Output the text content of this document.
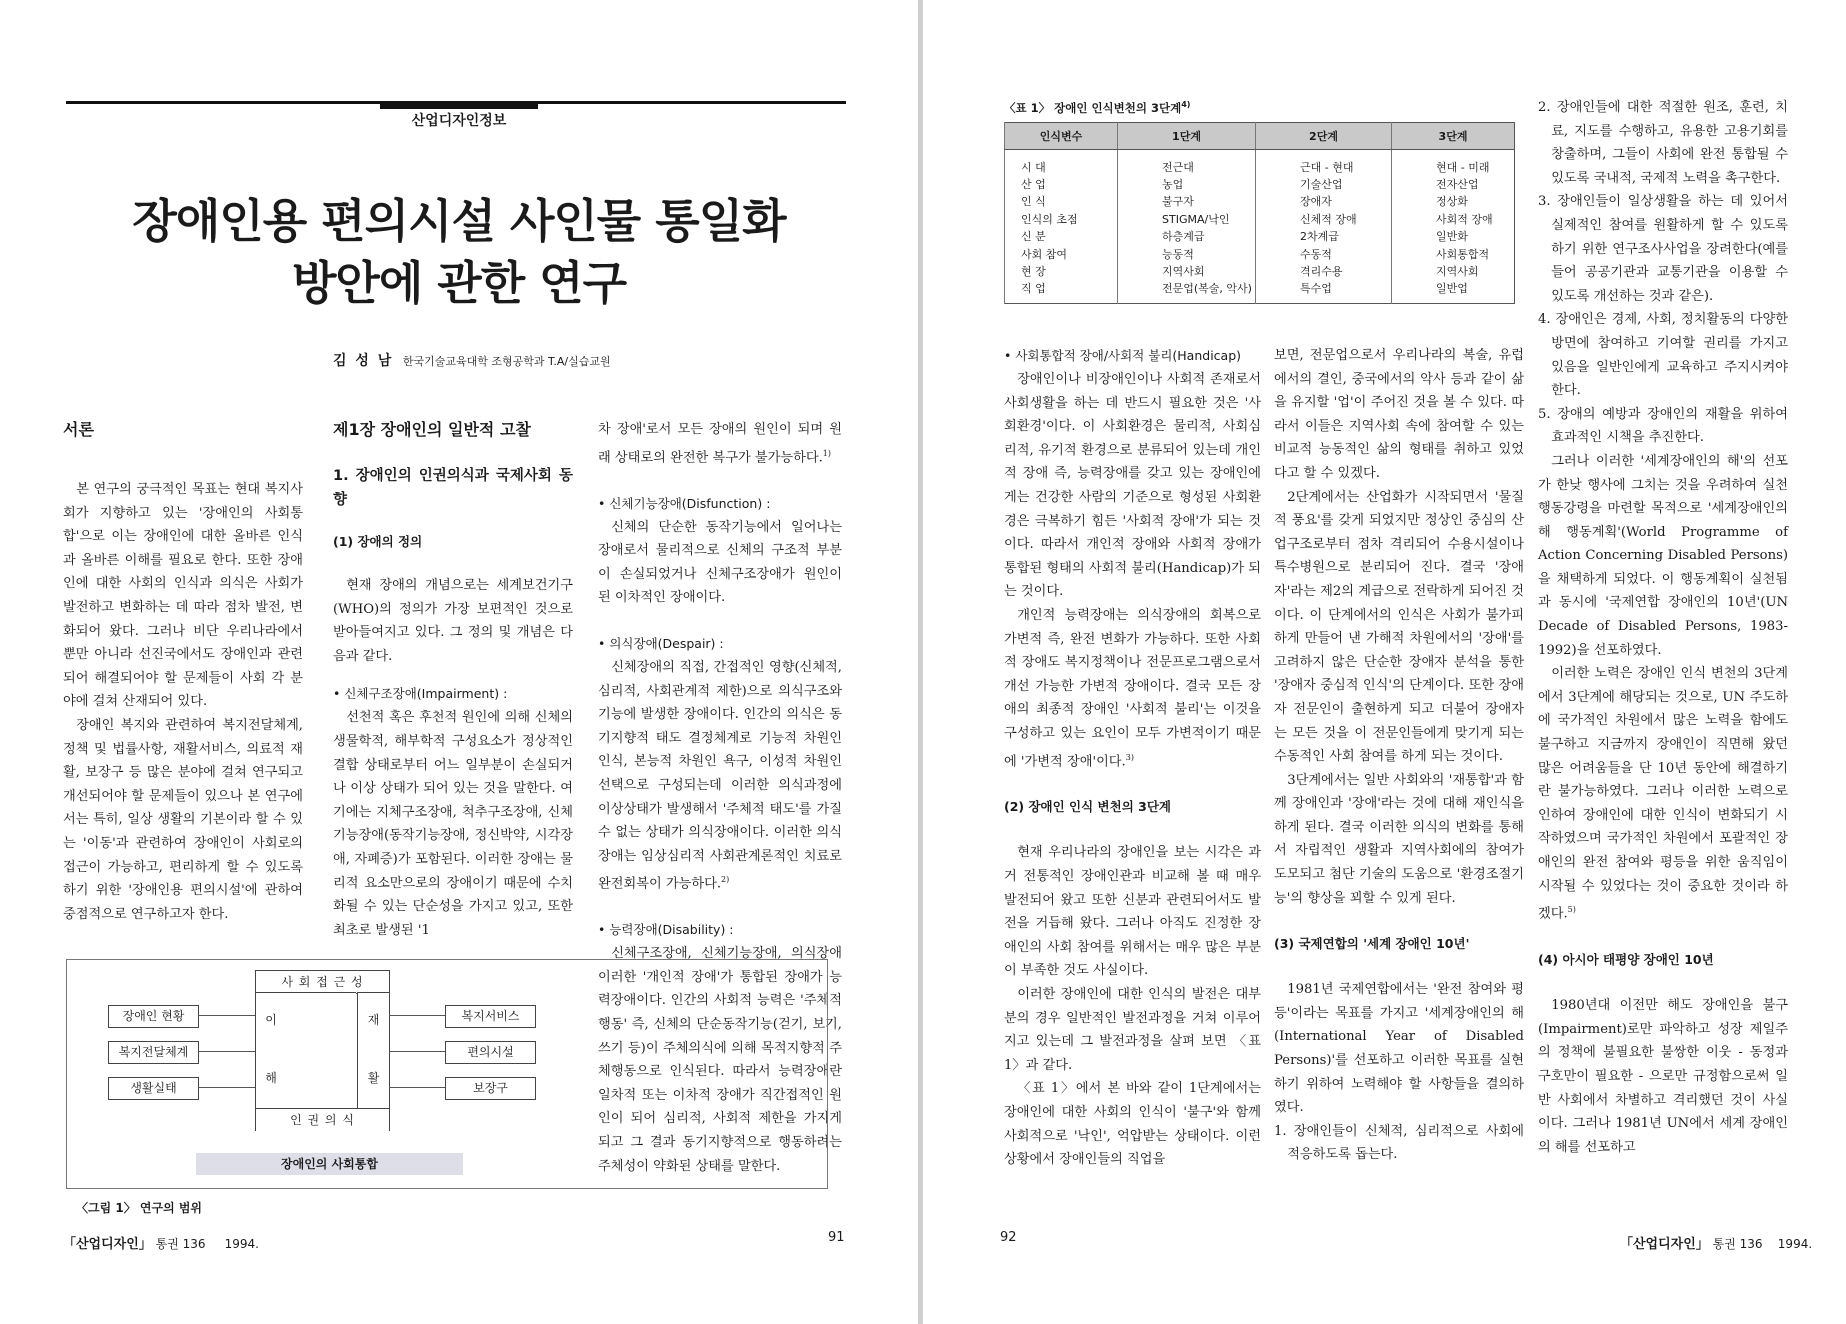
산업디자인정보
장애인용 편의시설 사인물 통일화
방안에 관한 연구
김 성 남 한국기술교육대학 조형공학과 T.A/실습교원
서론

본 연구의 궁극적인 목표는 현대 복지사회가 지향하고 있는 '장애인의 사회통합'으로 이는 장애인에 대한 올바른 인식과 올바른 이해를 필요로 한다. 또한 장애인에 대한 사회의 인식과 의식은 사회가 발전하고 변화하는 데 따라 점차 발전, 변화되어 왔다. 그러나 비단 우리나라에서 뿐만 아니라 선진국에서도 장애인과 관련되어 해결되어야 할 문제들이 사회 각 분야에 걸쳐 산재되어 있다.

장애인 복지와 관련하여 복지전달체계, 정책 및 법률사항, 재활서비스, 의료적 재활, 보장구 등 많은 분야에 걸쳐 연구되고 개선되어야 할 문제들이 있으나 본 연구에서는 특히, 일상 생활의 기본이라 할 수 있는 '이동'과 관련하여 장애인이 사회로의 접근이 가능하고, 편리하게 할 수 있도록 하기 위한 '장애인용 편의시설'에 관하여 중점적으로 연구하고자 한다.

제1장 장애인의 일반적 고찰
1. 장애인의 인권의식과 국제사회 동향
(1) 장애의 정의

현재 장애의 개념으로는 세계보건기구(WHO)의 정의가 가장 보편적인 것으로 받아들여지고 있다. 그 정의 및 개념은 다음과 같다.

• 신체구조장애(Impairment) :

선천적 혹은 후천적 원인에 의해 신체의 생물학적, 해부학적 구성요소가 정상적인 결합 상태로부터 어느 일부분이 손실되거나 이상 상태가 되어 있는 것을 말한다. 여기에는 지체구조장애, 척추구조장애, 신체기능장애(동작기능장애, 정신박약, 시각장애, 자폐증)가 포함된다. 이러한 장애는 물리적 요소만으로의 장애이기 때문에 수치화될 수 있는 단순성을 가지고 있고, 또한 최초로 발생된 '1

차 장애'로서 모든 장애의 원인이 되며 원래 상태로의 완전한 복구가 불가능하다.$^{1)}$

• 신체기능장애(Disfunction) :

신체의 단순한 동작기능에서 일어나는 장애로서 물리적으로 신체의 구조적 부분이 손실되었거나 신체구조장애가 원인이 된 이차적인 장애이다.

• 의식장애(Despair) :

신체장애의 직접, 간접적인 영향(신체적, 심리적, 사회관계적 제한)으로 의식구조와 기능에 발생한 장애이다. 인간의 의식은 동기지향적 태도 결정체계로 기능적 차원인 인식, 본능적 차원인 욕구, 이성적 차원인 선택으로 구성되는데 이러한 의식과정에 이상상태가 발생해서 '주체적 태도'를 가질 수 없는 상태가 의식장애이다. 이러한 의식장애는 임상심리적 사회관계론적인 치료로 완전회복이 가능하다.$^{2)}$

• 능력장애(Disability) :

신체구조장애, 신체기능장애, 의식장애 이러한 '개인적 장애'가 통합된 장애가 능력장애이다. 인간의 사회적 능력은 '주체적 행동' 즉, 신체의 단순동작기능(걷기, 보기, 쓰기 등)이 주체의식에 의해 목적지향적 주체행동으로 인식된다. 따라서 능력장애란 일차적 또는 이차적 장애가 직간접적인 원인이 되어 심리적, 사회적 제한을 가지게 되고 그 결과 동기지향적으로 행동하려는 주체성이 약화된 상태를 말한다.

장애인 현황
복지전달체계
생활실태
사 회 접 근 성
이
해
재
활
인 권 의 식
복지서비스
편의시설
보장구
장애인의 사회통합
〈그림 1〉 연구의 범위
「산업디자인」 통권 136 1994.	91
〈표 1〉 장애인 인식변천의 3단계$^{4)}$
인식변수	1단계	2단계	3단계
시 대	전근대	근대 - 현대	현대 - 미래
산 업	농업	기술산업	전자산업
인 식	불구자	장애자	정상화
인식의 초점	STIGMA/낙인	신체적 장애	사회적 장애
신 분	하층계급	2차계급	일반화
사회 참여	능동적	수동적	사회통합적
현 장	지역사회	격리수용	지역사회
직 업	전문업(복술, 악사)	특수업	일반업
• 사회통합적 장애/사회적 불리(Handicap)

장애인이나 비장애인이나 사회적 존재로서 사회생활을 하는 데 반드시 필요한 것은 '사회환경'이다. 이 사회환경은 물리적, 사회심리적, 유기적 환경으로 분류되어 있는데 개인적 장애 즉, 능력장애를 갖고 있는 장애인에게는 건강한 사람의 기준으로 형성된 사회환경은 극복하기 힘든 '사회적 장애'가 되는 것이다. 따라서 개인적 장애와 사회적 장애가 통합된 형태의 사회적 불리(Handicap)가 되는 것이다.

개인적 능력장애는 의식장애의 회복으로 가변적 즉, 완전 변화가 가능하다. 또한 사회적 장애도 복지정책이나 전문프로그램으로서 개선 가능한 가변적 장애이다. 결국 모든 장애의 최종적 장애인 '사회적 불리'는 이것을 구성하고 있는 요인이 모두 가변적이기 때문에 '가변적 장애'이다.$^{3)}$

(2) 장애인 인식 변천의 3단계

현재 우리나라의 장애인을 보는 시각은 과거 전통적인 장애인관과 비교해 볼 때 매우 발전되어 왔고 또한 신분과 관련되어서도 발전을 거듭해 왔다. 그러나 아직도 진정한 장애인의 사회 참여를 위해서는 매우 많은 부분이 부족한 것도 사실이다.

이러한 장애인에 대한 인식의 발전은 대부분의 경우 일반적인 발전과정을 거쳐 이루어지고 있는데 그 발전과정을 살펴 보면 〈표 1〉과 같다.

〈표 1〉에서 본 바와 같이 1단계에서는 장애인에 대한 사회의 인식이 '불구'와 함께 사회적으로 '낙인', 억압받는 상태이다. 이런 상황에서 장애인들의 직업을

92

보면, 전문업으로서 우리나라의 복술, 유럽에서의 결인, 중국에서의 악사 등과 같이 삶을 유지할 '업'이 주어진 것을 볼 수 있다. 따라서 이들은 지역사회 속에 참여할 수 있는 비교적 능동적인 삶의 형태를 취하고 있었다고 할 수 있겠다.

2단계에서는 산업화가 시작되면서 '물질적 풍요'를 갖게 되었지만 정상인 중심의 산업구조로부터 점차 격리되어 수용시설이나 특수병원으로 분리되어 진다. 결국 '장애자'라는 제2의 계급으로 전락하게 되어진 것이다. 이 단계에서의 인식은 사회가 불가피하게 만들어 낸 가해적 차원에서의 '장애'를 고려하지 않은 단순한 장애자 분석을 통한 '장애자 중심적 인식'의 단계이다. 또한 장애자 전문인이 출현하게 되고 더불어 장애자는 모든 것을 이 전문인들에게 맞기게 되는 수동적인 사회 참여를 하게 되는 것이다.

3단계에서는 일반 사회와의 '재통합'과 함께 장애인과 '장애'라는 것에 대해 재인식을 하게 된다. 결국 이러한 의식의 변화를 통해서 자립적인 생활과 지역사회에의 참여가 도모되고 첨단 기술의 도움으로 '환경조절기능'의 향상을 꾀할 수 있게 된다.

(3) 국제연합의 '세계 장애인 10년'

1981년 국제연합에서는 '완전 참여와 평등'이라는 목표를 가지고 '세계장애인의 해(International Year of Disabled Persons)'를 선포하고 이러한 목표를 실현하기 위하여 노력해야 할 사항들을 결의하였다.

1. 장애인들이 신체적, 심리적으로 사회에 적응하도록 돕는다.

2. 장애인들에 대한 적절한 원조, 훈련, 치료, 지도를 수행하고, 유용한 고용기회를 창출하며, 그들이 사회에 완전 통합될 수 있도록 국내적, 국제적 노력을 촉구한다.

3. 장애인들이 일상생활을 하는 데 있어서 실제적인 참여를 원활하게 할 수 있도록 하기 위한 연구조사사업을 장려한다(예를 들어 공공기관과 교통기관을 이용할 수 있도록 개선하는 것과 같은).

4. 장애인은 경제, 사회, 정치활동의 다양한 방면에 참여하고 기여할 권리를 가지고 있음을 일반인에게 교육하고 주지시켜야 한다.

5. 장애의 예방과 장애인의 재활을 위하여 효과적인 시책을 추진한다.

그러나 이러한 '세계장애인의 해'의 선포가 한낮 행사에 그치는 것을 우려하여 실천행동강령을 마련할 목적으로 '세계장애인의 해 행동계획'(World Programme of Action Concerning Disabled Persons)을 채택하게 되었다. 이 행동계획이 실천됨과 동시에 '국제연합 장애인의 10년'(UN Decade of Disabled Persons, 1983-1992)을 선포하였다.

이러한 노력은 장애인 인식 변천의 3단계에서 3단계에 해당되는 것으로, UN 주도하에 국가적인 차원에서 많은 노력을 함에도 불구하고 지금까지 장애인이 직면해 왔던 많은 어려움들을 단 10년 동안에 해결하기란 불가능하였다. 그러나 이러한 노력으로 인하여 장애인에 대한 인식이 변화되기 시작하였으며 국가적인 차원에서 포괄적인 장애인의 완전 참여와 평등을 위한 움직임이 시작될 수 있었다는 것이 중요한 것이라 하겠다.$^{5)}$

(4) 아시아 태평양 장애인 10년

1980년대 이전만 해도 장애인을 불구(Impairment)로만 파악하고 성장 제일주의 정책에 불필요한 불쌍한 이웃 - 동정과 구호만이 필요한 - 으로만 규정함으로써 일반 사회에서 차별하고 격리했던 것이 사실이다. 그러나 1981년 UN에서 세계 장애인의 해를 선포하고

「산업디자인」 통권 136 1994.
